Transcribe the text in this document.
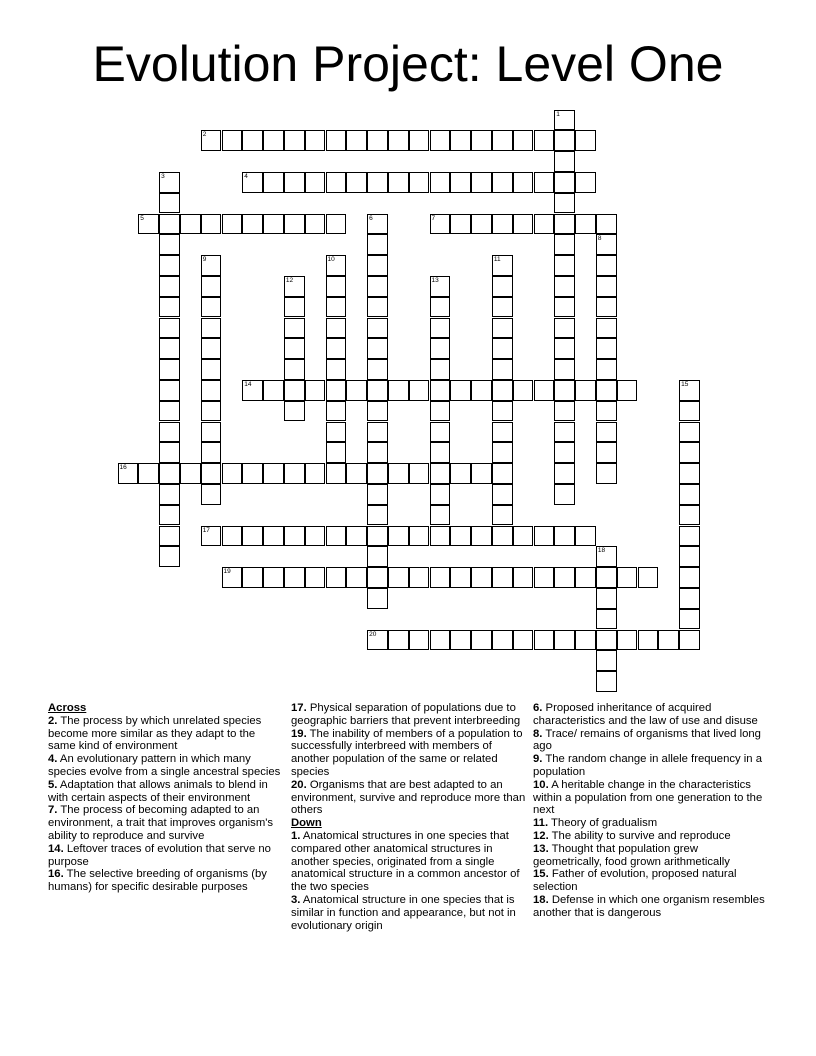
Evolution Project: Level One
1
2
3	4
5	6	7
8
9	10	11
12	13
14	15
16
17
18
19
20

Across

2. The process by which unrelated species become more similar as they adapt to the same kind of environment

4. An evolutionary pattern in which many species evolve from a single ancestral species

5. Adaptation that allows animals to blend in with certain aspects of their environment

7. The process of becoming adapted to an environment, a trait that improves organism's ability to reproduce and survive

14. Leftover traces of evolution that serve no purpose

16. The selective breeding of organisms (by humans) for specific desirable purposes

17. Physical separation of populations due to geographic barriers that prevent interbreeding

19. The inability of members of a population to successfully interbreed with members of another population of the same or related species

20. Organisms that are best adapted to an environment, survive and reproduce more than others

Down

1. Anatomical structures in one species that compared other anatomical structures in another species, originated from a single anatomical structure in a common ancestor of the two species

3. Anatomical structure in one species that is similar in function and appearance, but not in evolutionary origin

6. Proposed inheritance of acquired characteristics and the law of use and disuse

8. Trace/ remains of organisms that lived long ago

9. The random change in allele frequency in a population

10. A heritable change in the characteristics within a population from one generation to the next

11. Theory of gradualism

12. The ability to survive and reproduce

13. Thought that population grew geometrically, food grown arithmetically

15. Father of evolution, proposed natural selection

18. Defense in which one organism resembles another that is dangerous
